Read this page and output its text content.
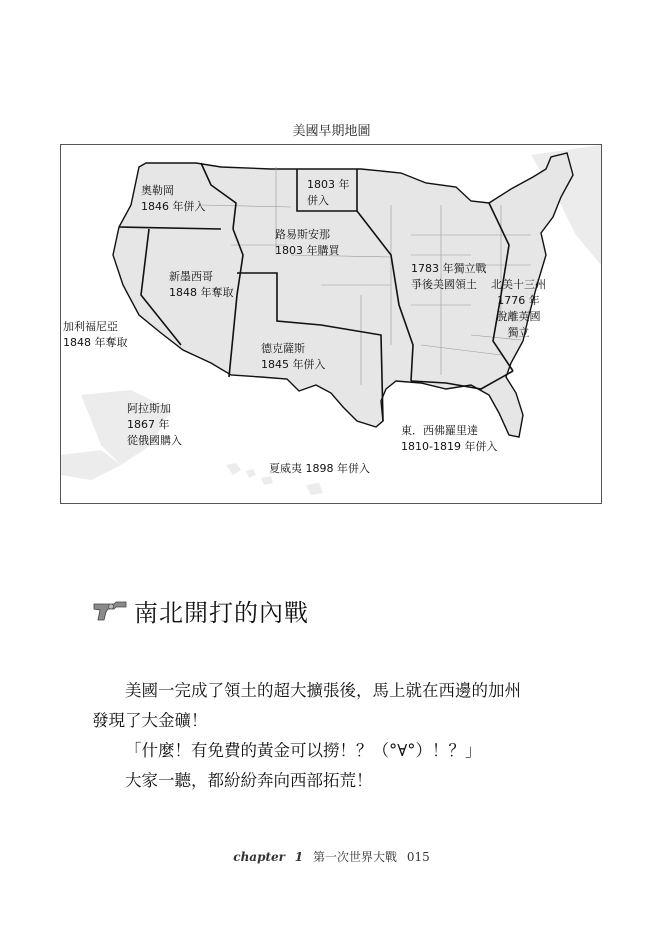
美國早期地圖
奧勒岡
1846 年併入
1803 年
併入
路易斯安那
1803 年購買
新墨西哥
1848 年奪取
加利福尼亞
1848 年奪取	德克薩斯
1845 年併入
1783 年獨立戰
爭後美國領土	北美十三州
1776 年
脫離英國
獨立
阿拉斯加
1867 年
從俄國購入
東．西佛羅里達
1810-1819 年併入
夏威夷 1898 年併入
南北開打的內戰
美國一完成了領土的超大擴張後，馬上就在西邊的加州
發現了大金礦！
「什麼！有免費的黃金可以撈！？（°∀°）！？」
大家一聽，都紛紛奔向西部拓荒！
chapter 1 第一次世界大戰 015
